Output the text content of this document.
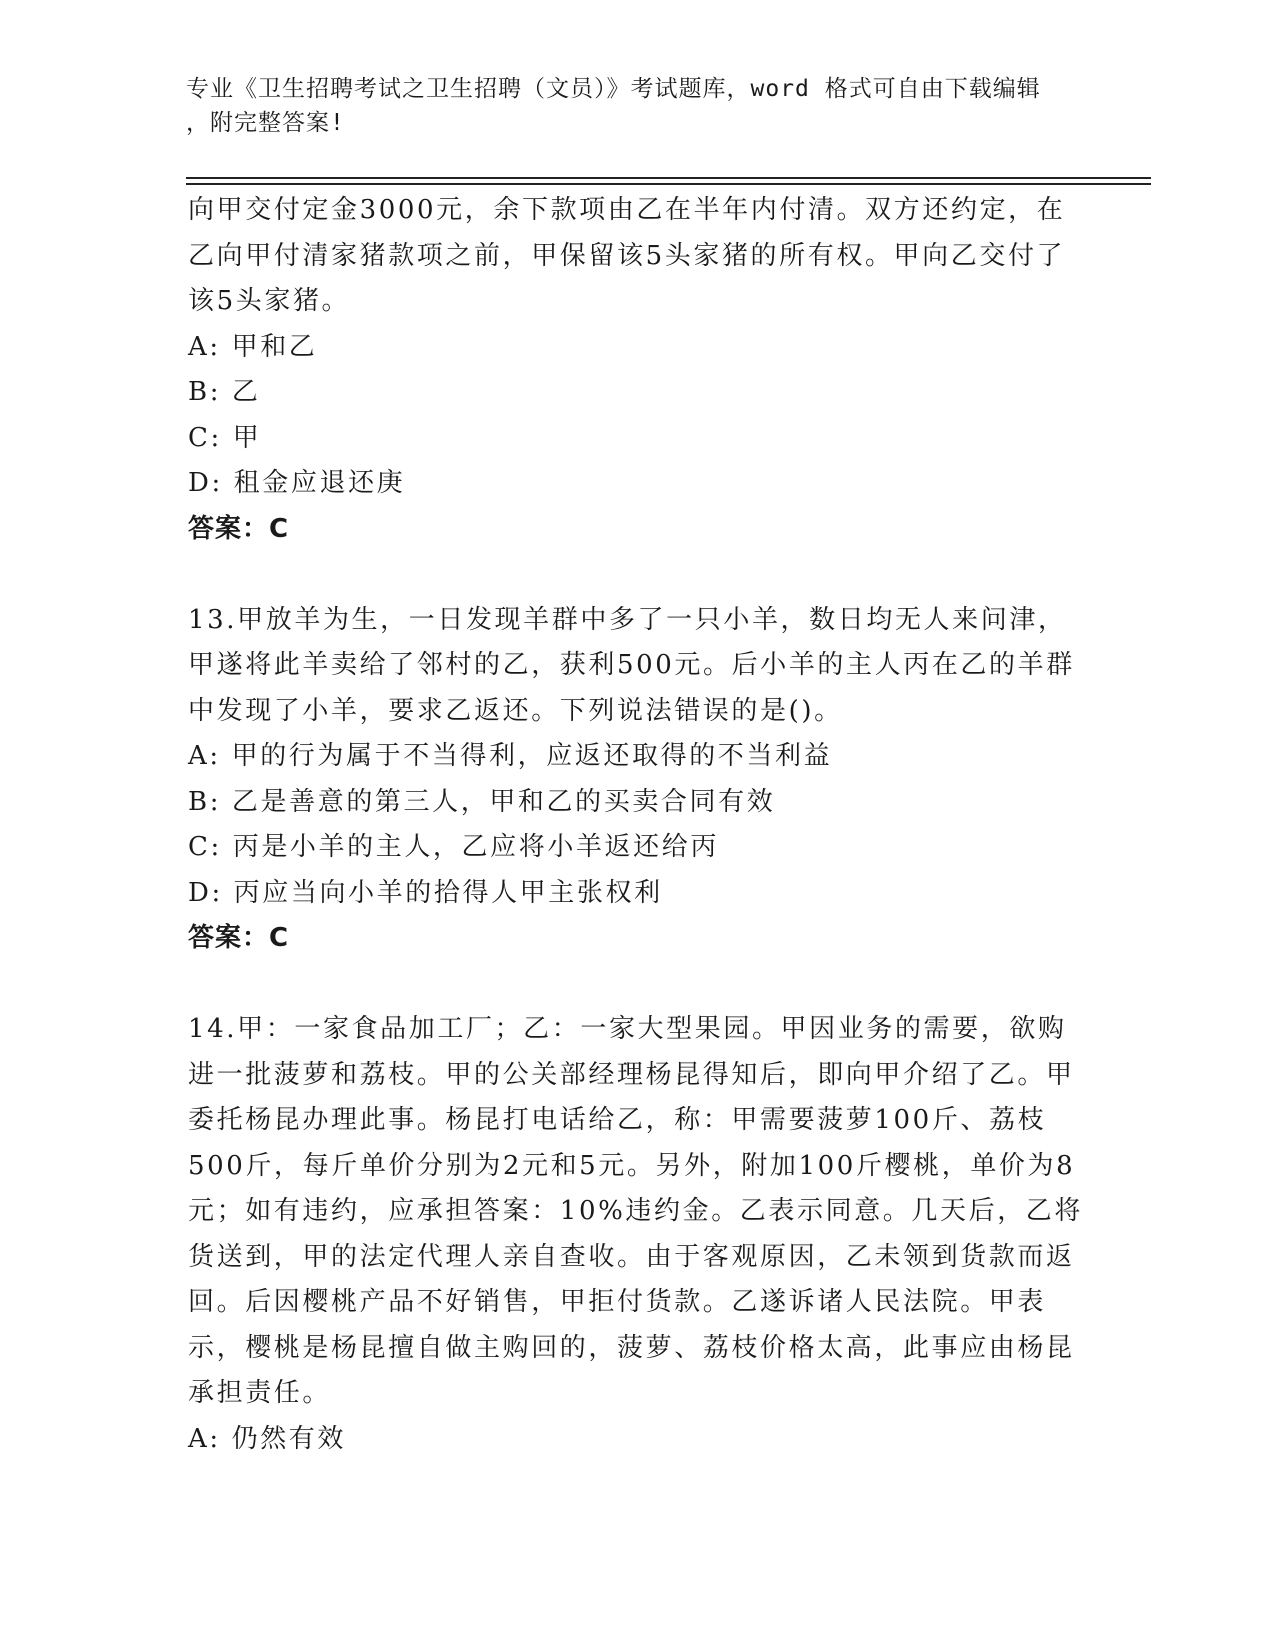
专业《卫生招聘考试之卫生招聘（文员）》考试题库，word 格式可自由下载编辑
，附完整答案!
向甲交付定金3000元，余下款项由乙在半年内付清。双方还约定，在乙向甲付清家猪款项之前，甲保留该5头家猪的所有权。甲向乙交付了该5头家猪。
A: 甲和乙
B: 乙
C: 甲
D: 租金应退还庚
答案：C
13.甲放羊为生，一日发现羊群中多了一只小羊，数日均无人来问津，甲遂将此羊卖给了邻村的乙，获利500元。后小羊的主人丙在乙的羊群中发现了小羊，要求乙返还。下列说法错误的是()。
A: 甲的行为属于不当得利，应返还取得的不当利益
B: 乙是善意的第三人，甲和乙的买卖合同有效
C: 丙是小羊的主人，乙应将小羊返还给丙
D: 丙应当向小羊的拾得人甲主张权利
答案：C
14.甲：一家食品加工厂；乙：一家大型果园。甲因业务的需要，欲购进一批菠萝和荔枝。甲的公关部经理杨昆得知后，即向甲介绍了乙。甲委托杨昆办理此事。杨昆打电话给乙，称：甲需要菠萝100斤、荔枝500斤，每斤单价分别为2元和5元。另外，附加100斤樱桃，单价为8元；如有违约，应承担答案：10%违约金。乙表示同意。几天后，乙将货送到，甲的法定代理人亲自查收。由于客观原因，乙未领到货款而返回。后因樱桃产品不好销售，甲拒付货款。乙遂诉诸人民法院。甲表示，樱桃是杨昆擅自做主购回的，菠萝、荔枝价格太高，此事应由杨昆承担责任。
A: 仍然有效
